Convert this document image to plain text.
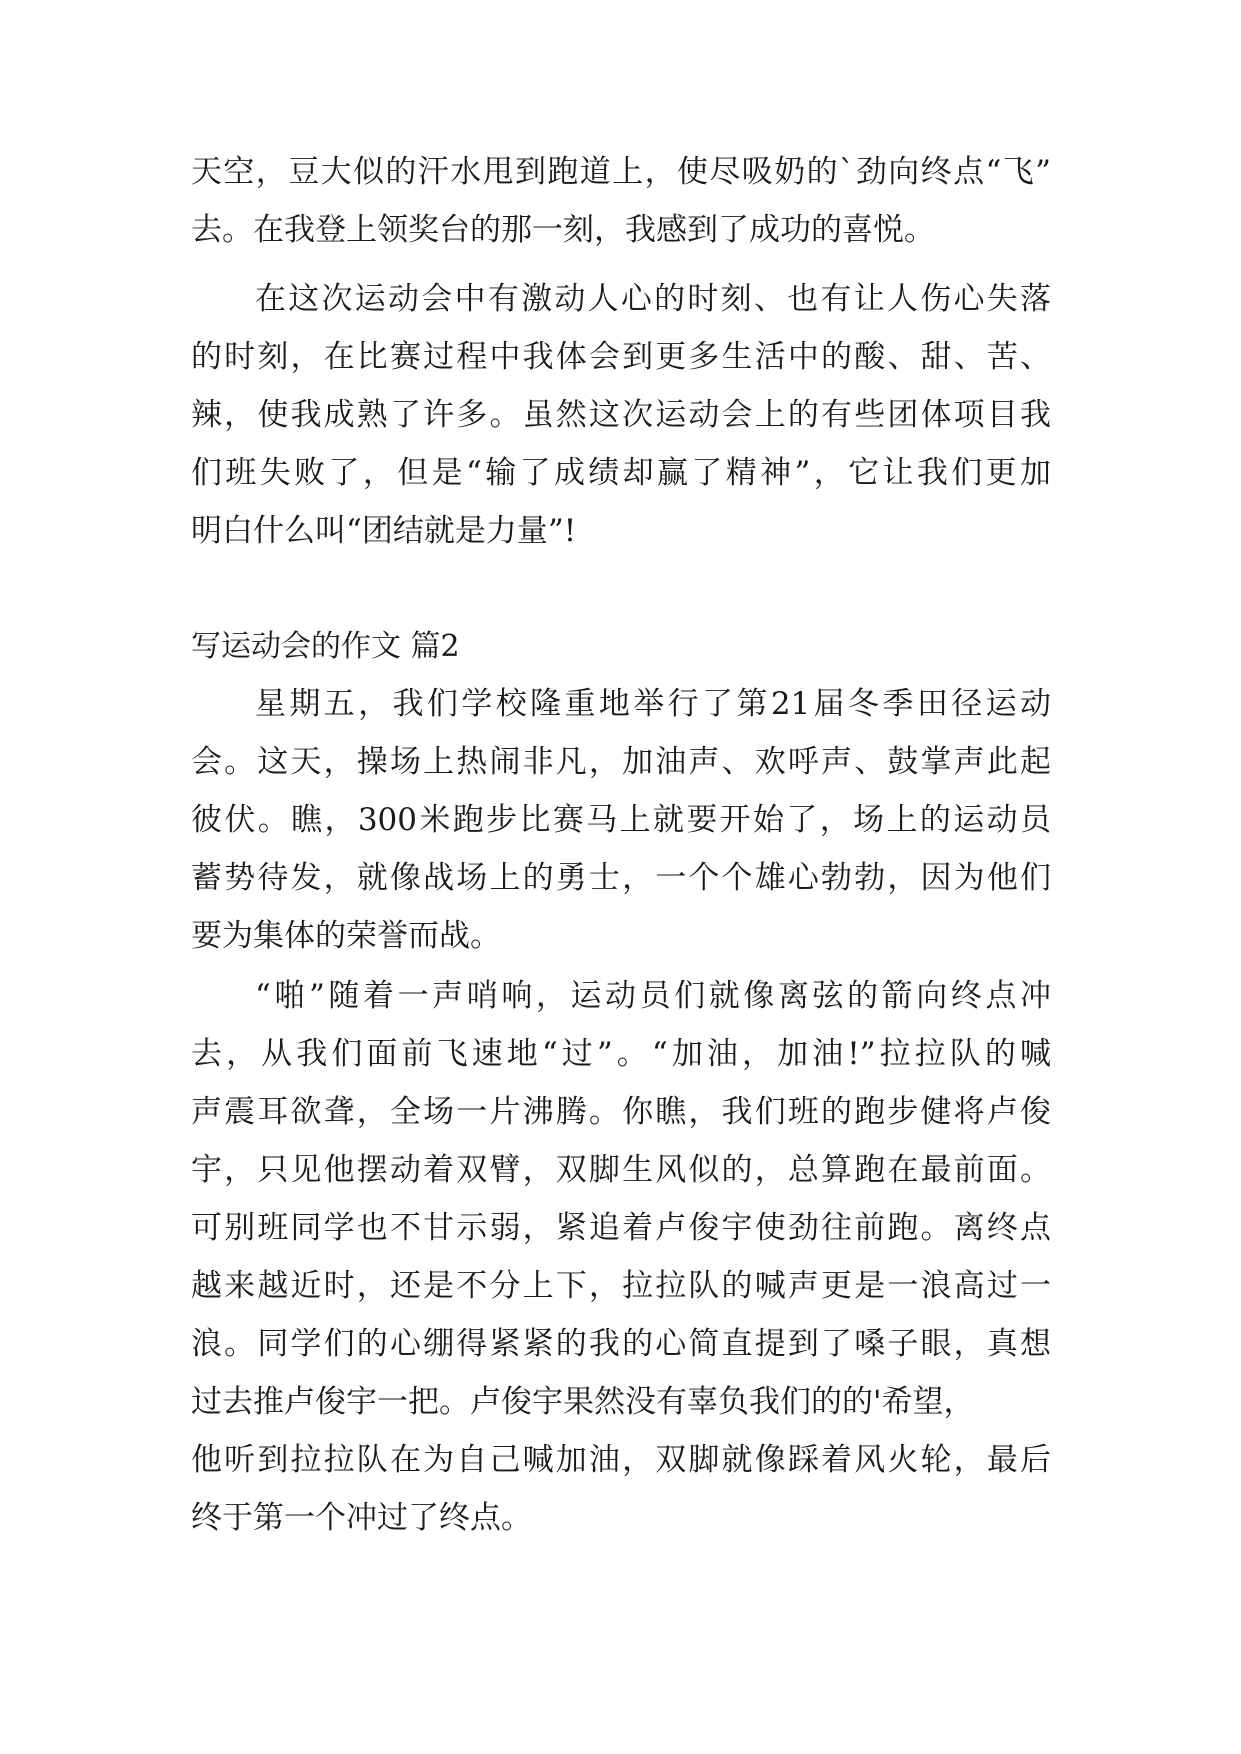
天空，豆大似的汗水甩到跑道上，使尽吸奶的`劲向终点“飞”
去。在我登上领奖台的那一刻，我感到了成功的喜悦。
在这次运动会中有激动人心的时刻、也有让人伤心失落
的时刻，在比赛过程中我体会到更多生活中的酸、甜、苦、
辣，使我成熟了许多。虽然这次运动会上的有些团体项目我
们班失败了，但是“输了成绩却赢了精神”，它让我们更加
明白什么叫“团结就是力量”!
写运动会的作文 篇2
星期五，我们学校隆重地举行了第21届冬季田径运动
会。这天，操场上热闹非凡，加油声、欢呼声、鼓掌声此起
彼伏。瞧，300米跑步比赛马上就要开始了，场上的运动员
蓄势待发，就像战场上的勇士，一个个雄心勃勃，因为他们
要为集体的荣誉而战。
“啪”随着一声哨响，运动员们就像离弦的箭向终点冲
去，从我们面前飞速地“过”。“加油，加油!”拉拉队的喊
声震耳欲聋，全场一片沸腾。你瞧，我们班的跑步健将卢俊
宇，只见他摆动着双臂，双脚生风似的，总算跑在最前面。
可别班同学也不甘示弱，紧追着卢俊宇使劲往前跑。离终点
越来越近时，还是不分上下，拉拉队的喊声更是一浪高过一
浪。同学们的心绷得紧紧的我的心简直提到了嗓子眼，真想
过去推卢俊宇一把。卢俊宇果然没有辜负我们的的'希望，
他听到拉拉队在为自己喊加油，双脚就像踩着风火轮，最后
终于第一个冲过了终点。
